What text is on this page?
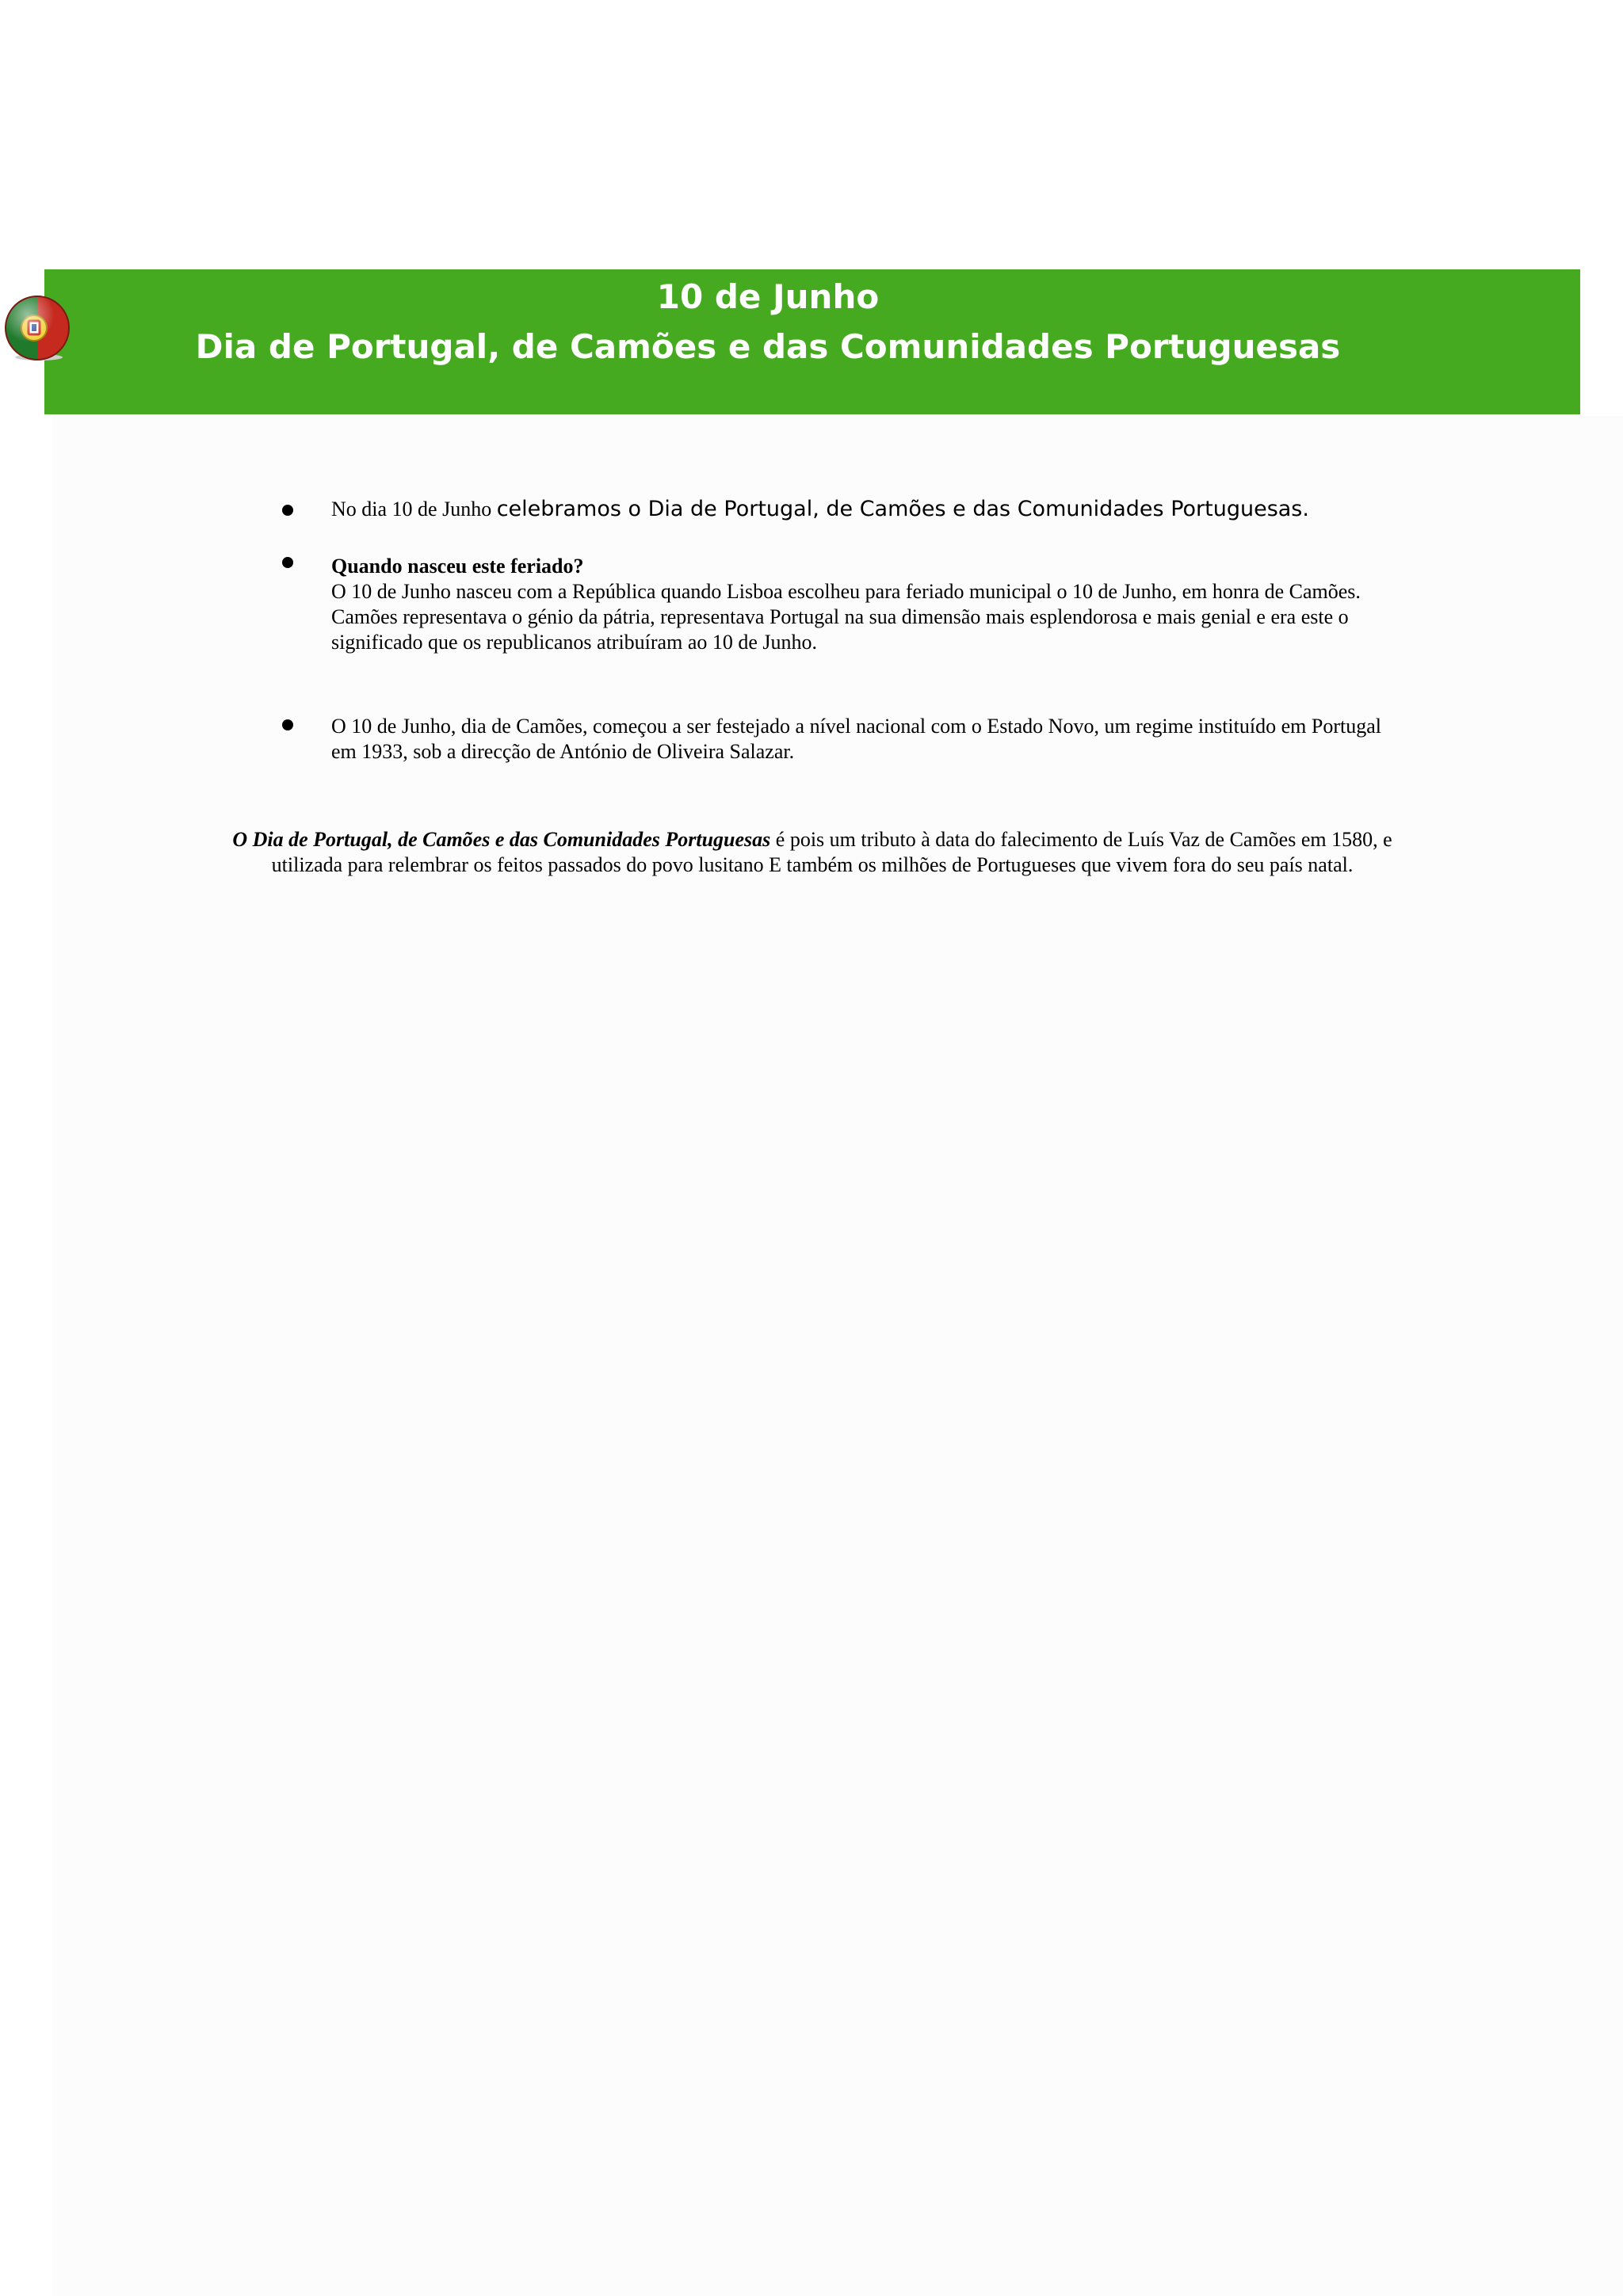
10 de Junho
Dia de Portugal, de Camões e das Comunidades Portuguesas
No dia 10 de Junho celebramos o Dia de Portugal, de Camões e das Comunidades Portuguesas.
Quando nasceu este feriado?
O 10 de Junho nasceu com a República quando Lisboa escolheu para feriado municipal o 10 de Junho, em honra de Camões.
Camões representava o génio da pátria, representava Portugal na sua dimensão mais esplendorosa e mais genial e era este o significado que os republicanos atribuíram ao 10 de Junho.
O 10 de Junho, dia de Camões, começou a ser festejado a nível nacional com o Estado Novo, um regime instituído em Portugal em 1933, sob a direcção de António de Oliveira Salazar.
O Dia de Portugal, de Camões e das Comunidades Portuguesas é pois um tributo à data do falecimento de Luís Vaz de Camões em 1580, e utilizada para relembrar os feitos passados do povo lusitano E também os milhões de Portugueses que vivem fora do seu país natal.
